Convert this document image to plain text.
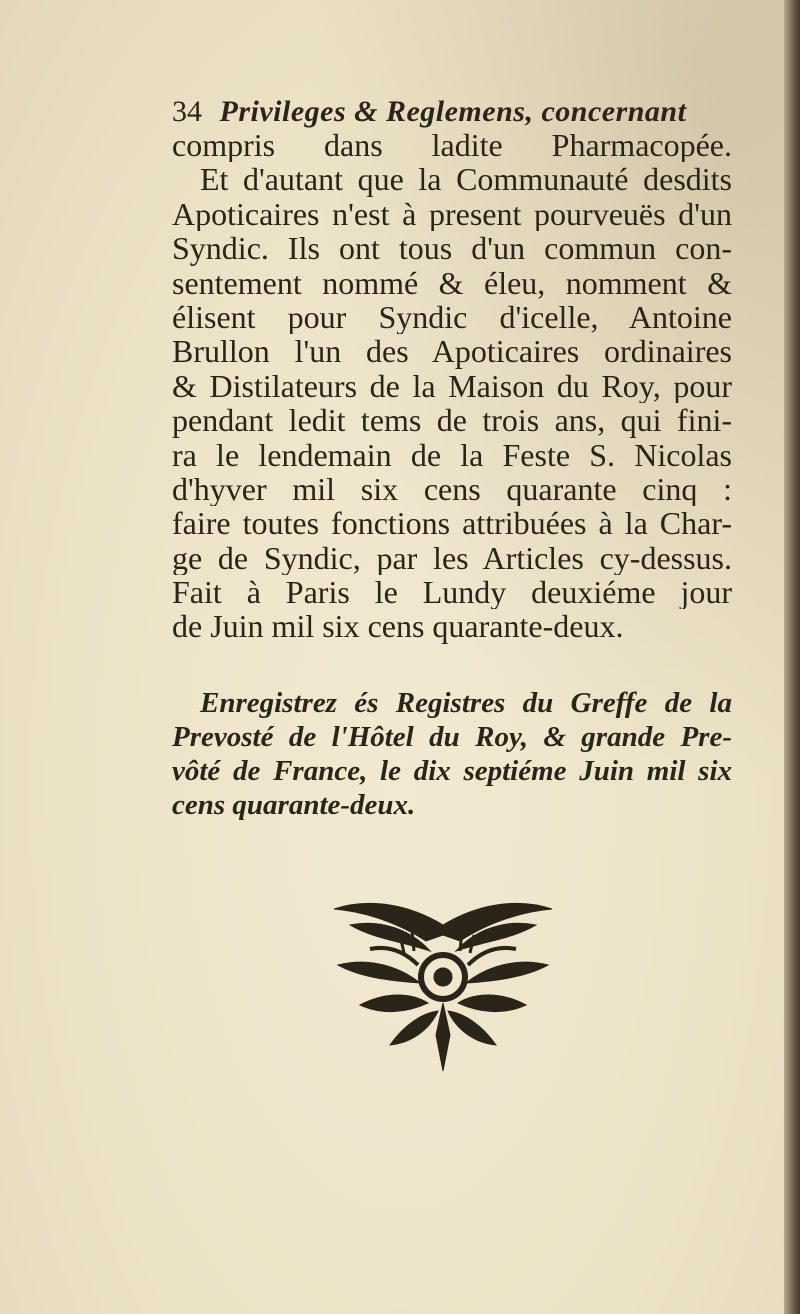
34 Privileges & Reglemens, concernant
compris dans ladite Pharmacopée.
Et d'autant que la Communauté desdits
Apoticaires n'est à present pourveuës d'un
Syndic. Ils ont tous d'un commun con-
sentement nommé & éleu, nomment &
élisent pour Syndic d'icelle, Antoine
Brullon l'un des Apoticaires ordinaires
& Distilateurs de la Maison du Roy, pour
pendant ledit tems de trois ans, qui fini-
ra le lendemain de la Feste S. Nicolas
d'hyver mil six cens quarante cinq :
faire toutes fonctions attribuées à la Char-
ge de Syndic, par les Articles cy-dessus.
Fait à Paris le Lundy deuxiéme jour
de Juin mil six cens quarante-deux.
Enregistrez és Registres du Greffe de la
Prevosté de l'Hôtel du Roy, & grande Pre-
vôté de France, le dix septiéme Juin mil six
cens quarante-deux.
